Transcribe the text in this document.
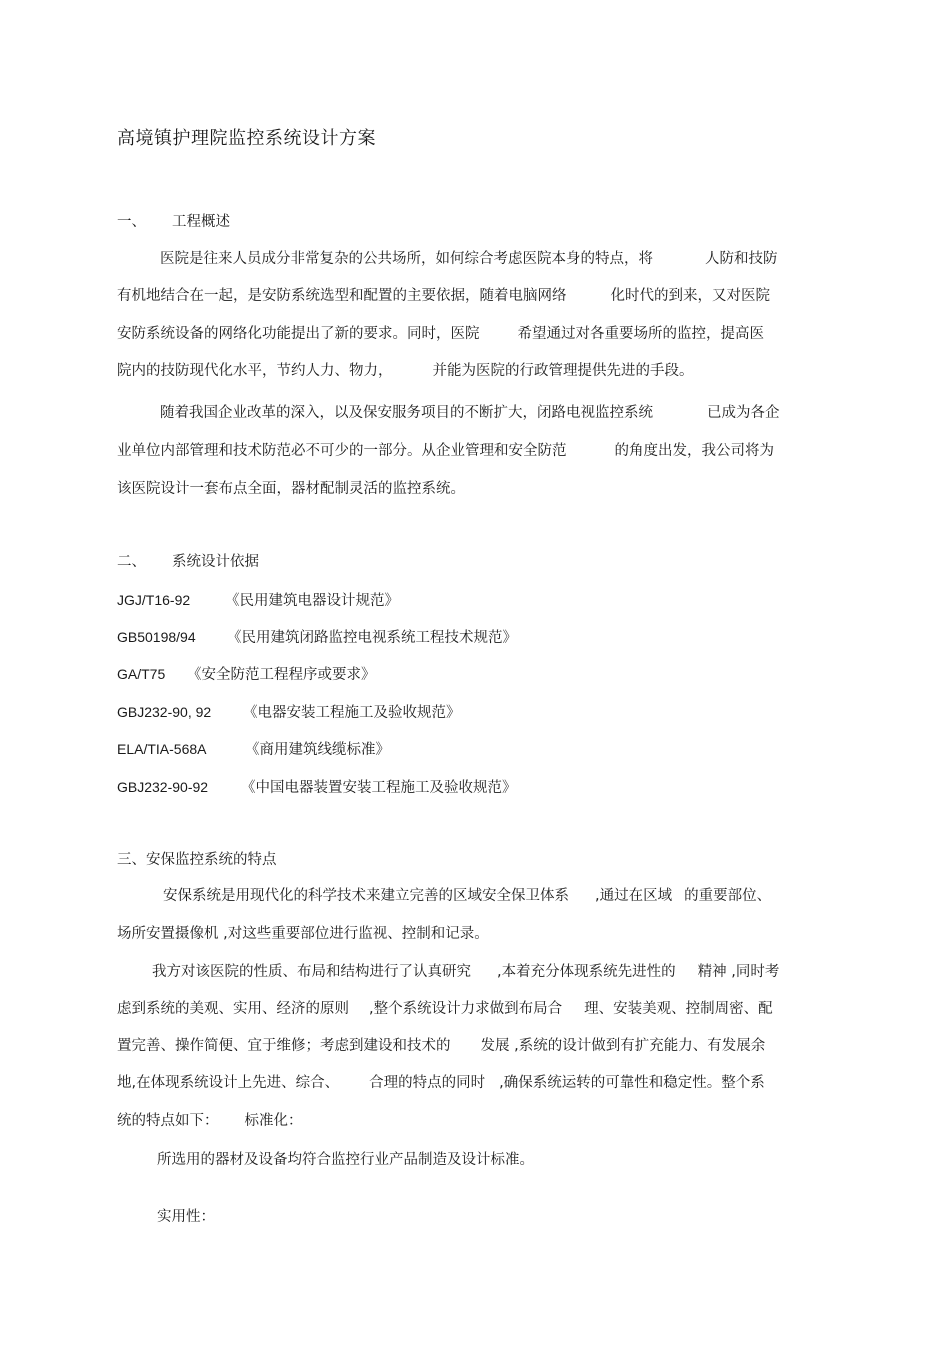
高境镇护理院监控系统设计方案
一、 工程概述
医院是往来人员成分非常复杂的公共场所，如何综合考虑医院本身的特点，将	人防和技防
有机地结合在一起，是安防系统选型和配置的主要依据，随着电脑网络	化时代的到来，又对医院
安防系统设备的网络化功能提出了新的要求。同时，医院	希望通过对各重要场所的监控，提高医
院内的技防现代化水平，节约人力、物力，	并能为医院的行政管理提供先进的手段。
随着我国企业改革的深入，以及保安服务项目的不断扩大，闭路电视监控系统	已成为各企
业单位内部管理和技术防范必不可少的一部分。从企业管理和安全防范	的角度出发，我公司将为
该医院设计一套布点全面，器材配制灵活的监控系统。
二、 系统设计依据
JGJ/T16-92 《民用建筑电器设计规范》
GB50198/94 《民用建筑闭路监控电视系统工程技术规范》
GA/T75 《安全防范工程程序或要求》
GBJ232-90, 92 《电器安装工程施工及验收规范》
ELA/TIA-568A	《商用建筑线缆标准》
GBJ232-90-92 《中国电器装置安装工程施工及验收规范》
三、安保监控系统的特点
安保系统是用现代化的科学技术来建立完善的区域安全保卫体系 ,通过在区域 的重要部位、
场所安置摄像机 ,对这些重要部位进行监视、控制和记录。
我方对该医院的性质、布局和结构进行了认真研究 ,本着充分体现系统先进性的 精神 ,同时考
虑到系统的美观、实用、经济的原则 ,整个系统设计力求做到布局合 理、安装美观、控制周密、配
置完善、操作简便、宜于维修；考虑到建设和技术的 发展 ,系统的设计做到有扩充能力、有发展余
地,在体现系统设计上先进、综合、 合理的特点的同时 ,确保系统运转的可靠性和稳定性。整个系
统的特点如下： 标准化：
所选用的器材及设备均符合监控行业产品制造及设计标准。
实用性：
